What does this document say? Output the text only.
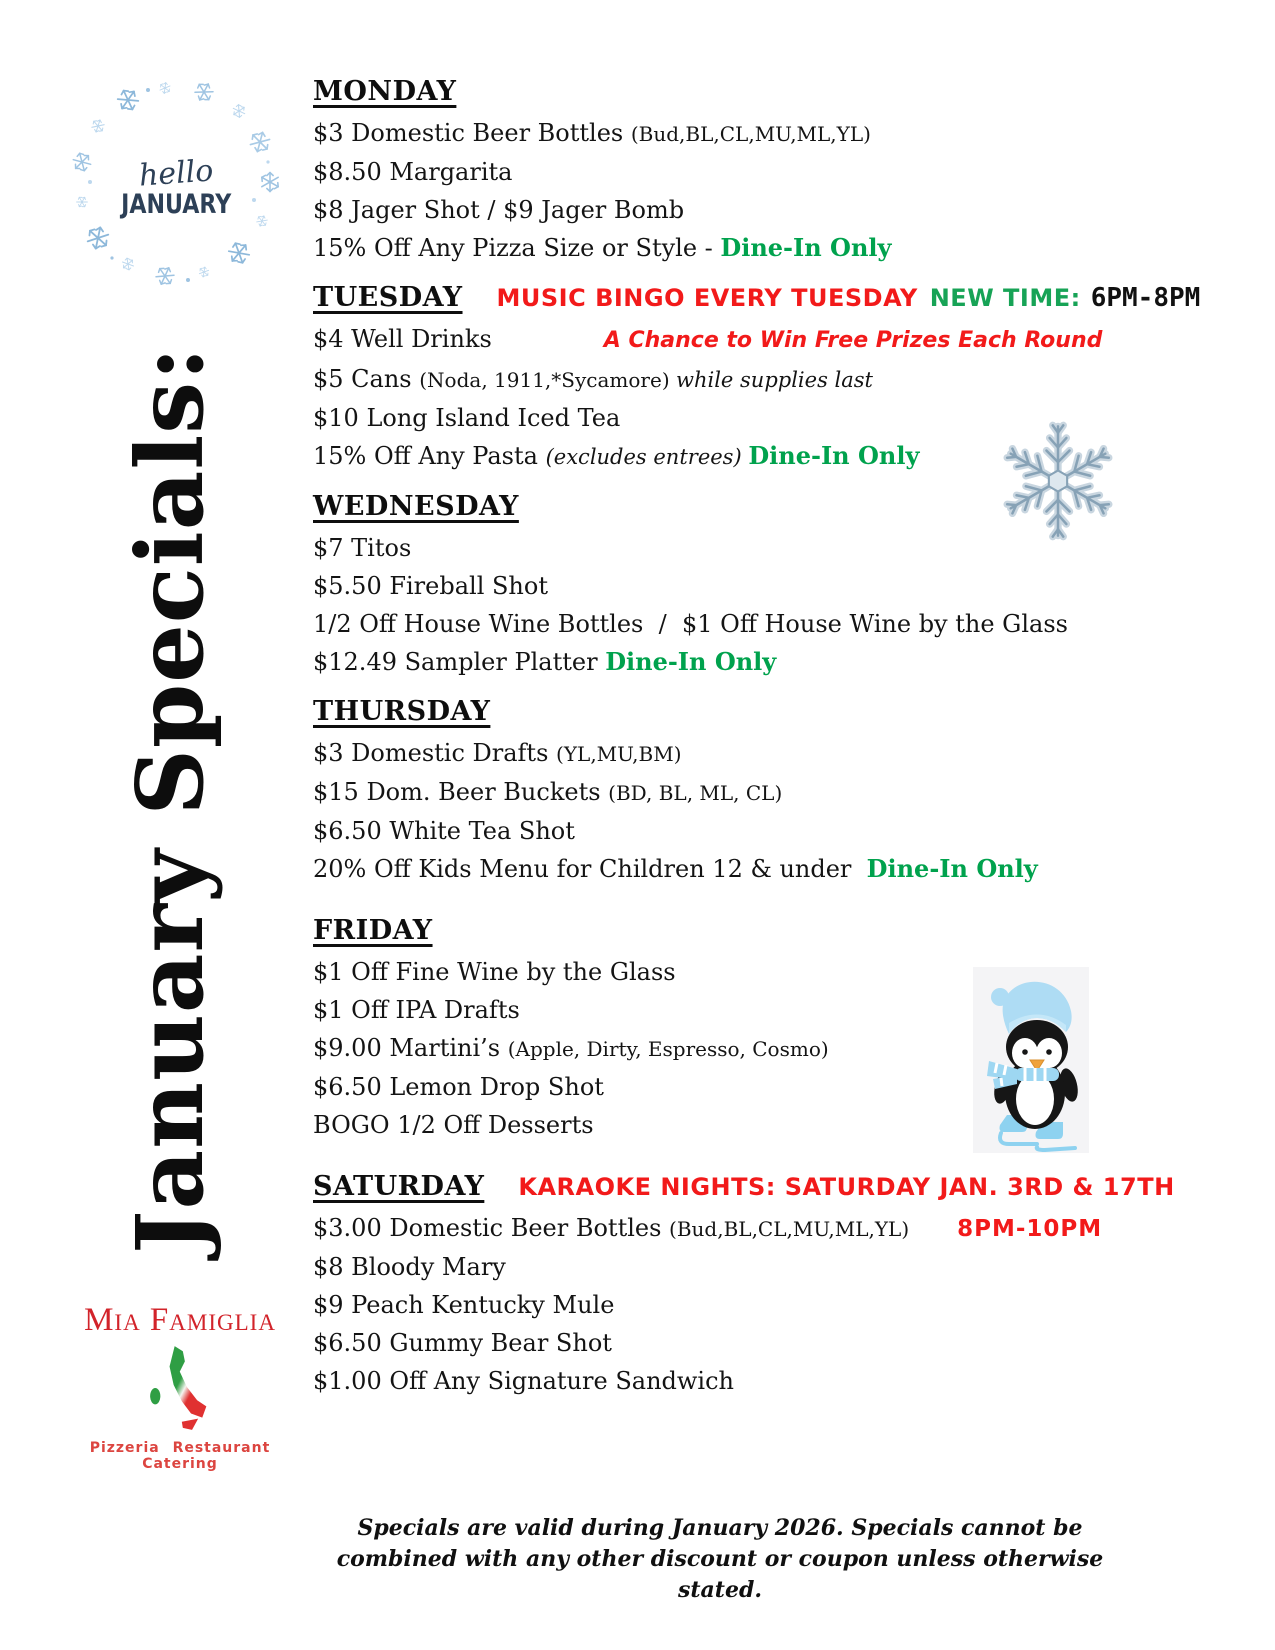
hello
JANUARY
January Specials:
Mia Famiglia
Pizzeria Restaurant Catering
MONDAY
$3 Domestic Beer Bottles (Bud,BL,CL,MU,ML,YL)
$8.50 Margarita
$8 Jager Shot / $9 Jager Bomb
15% Off Any Pizza Size or Style - Dine-In Only
TUESDAY MUSIC BINGO EVERY TUESDAY NEW TIME: 6PM-8PM
$4 Well Drinks	A Chance to Win Free Prizes Each Round
$5 Cans (Noda, 1911,*Sycamore) while supplies last
$10 Long Island Iced Tea
15% Off Any Pasta (excludes entrees) Dine-In Only
WEDNESDAY
$7 Titos
$5.50 Fireball Shot
1/2 Off House Wine Bottles  /  $1 Off House Wine by the Glass
$12.49 Sampler Platter Dine-In Only
THURSDAY
$3 Domestic Drafts (YL,MU,BM)
$15 Dom. Beer Buckets (BD, BL, ML, CL)
$6.50 White Tea Shot
20% Off Kids Menu for Children 12 & under  Dine-In Only
FRIDAY
$1 Off Fine Wine by the Glass
$1 Off IPA Drafts
$9.00 Martini’s (Apple, Dirty, Espresso, Cosmo)
$6.50 Lemon Drop Shot
BOGO 1/2 Off Desserts
SATURDAY KARAOKE NIGHTS: SATURDAY JAN. 3RD & 17TH
$3.00 Domestic Beer Bottles (Bud,BL,CL,MU,ML,YL) 8PM-10PM
$8 Bloody Mary
$9 Peach Kentucky Mule
$6.50 Gummy Bear Shot
$1.00 Off Any Signature Sandwich
Specials are valid during January 2026. Specials cannot be combined with any other discount or coupon unless otherwise stated.
